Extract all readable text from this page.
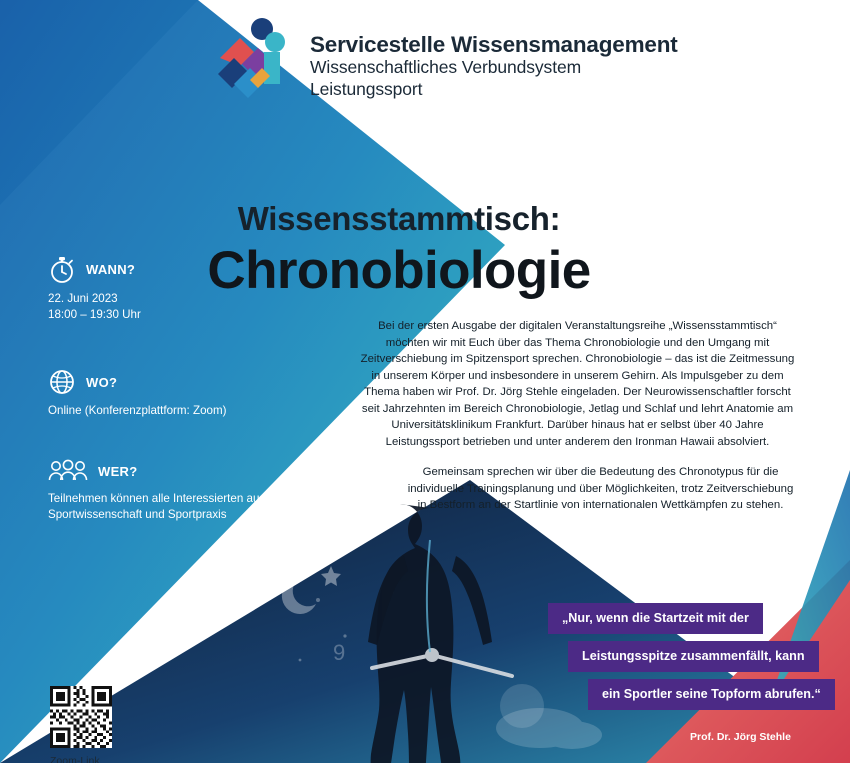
9
Servicestelle Wissensmanagement
Wissenschaftliches Verbundsystem
Leistungssport
Wissensstammtisch:
Chronobiologie

Bei der ersten Ausgabe der digitalen Veranstaltungsreihe „Wissensstammtisch“ möchten wir mit Euch über das Thema Chronobiologie und den Umgang mit Zeitverschiebung im Spitzensport sprechen. Chronobiologie – das ist die Zeitmessung in unserem Körper und insbesondere in unserem Gehirn. Als Impulsgeber zu dem Thema haben wir Prof. Dr. Jörg Stehle eingeladen. Der Neurowissenschaftler forscht seit Jahrzehnten im Bereich Chronobiologie, Jetlag und Schlaf und lehrt Anatomie am Universitätsklinikum Frankfurt. Darüber hinaus hat er selbst über 40 Jahre Leistungssport betrieben und unter anderem den Ironman Hawaii absolviert.

Gemeinsam sprechen wir über die Bedeutung des Chronotypus für die individuelle Trainingsplanung und über Möglichkeiten, trotz Zeitverschiebung in Bestform an der Startlinie von internationalen Wettkämpfen zu stehen.

WANN?
22. Juni 2023
18:00 – 19:30 Uhr
WO?
Online (Konferenzplattform: Zoom)
WER?
Teilnehmen können alle Interessierten aus
Sportwissenschaft und Sportpraxis
„Nur, wenn die Startzeit mit der
Leistungsspitze zusammenfällt, kann
ein Sportler seine Topform abrufen.“
Prof. Dr. Jörg Stehle
Zoom-Link
